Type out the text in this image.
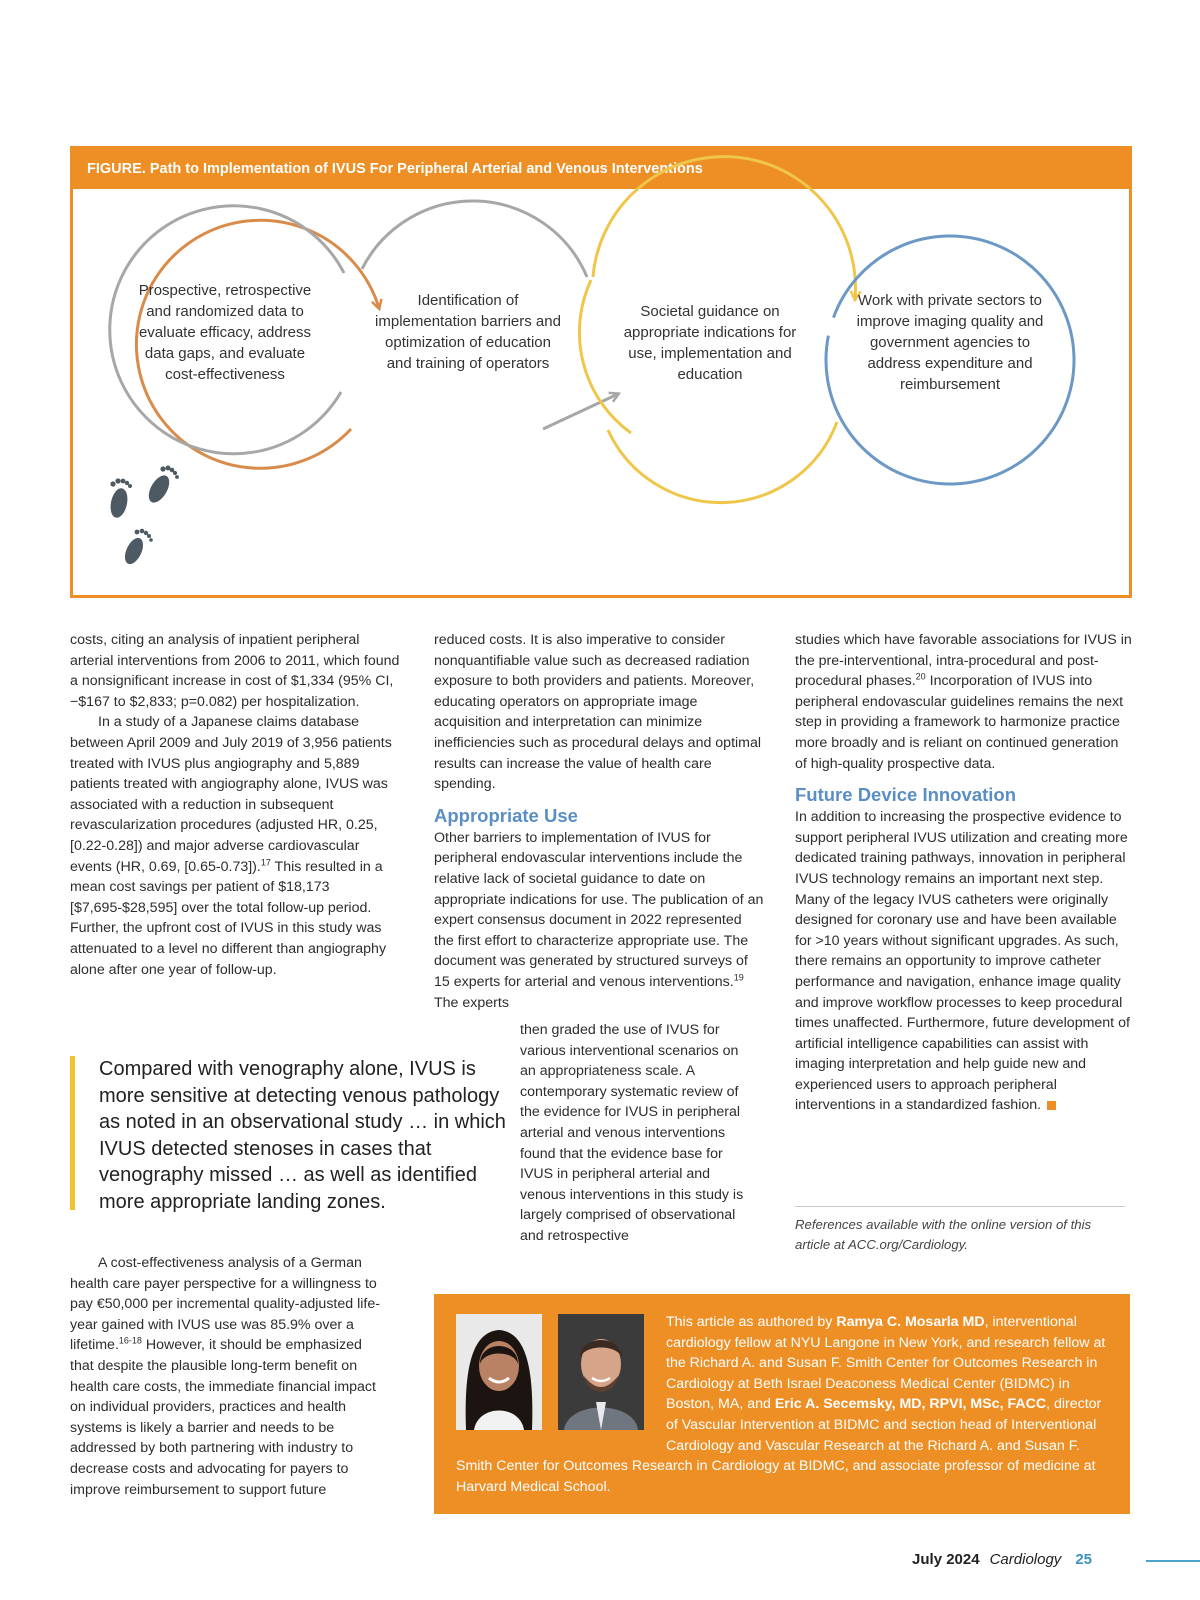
FIGURE. Path to Implementation of IVUS For Peripheral Arterial and Venous Interventions
Prospective, retrospective and randomized data to evaluate efficacy, address data gaps, and evaluate cost-effectiveness
Identification of implementation barriers and optimization of education and training of operators
Societal guidance on appropriate indications for use, implementation and education
Work with private sectors to improve imaging quality and government agencies to address expenditure and reimbursement

costs, citing an analysis of inpatient peripheral arterial interventions from 2006 to 2011, which found a nonsignificant increase in cost of $1,334 (95% CI, −$167 to $2,833; p=0.082) per hospitalization.

In a study of a Japanese claims database between April 2009 and July 2019 of 3,956 patients treated with IVUS plus angiography and 5,889 patients treated with angiography alone, IVUS was associated with a reduction in subsequent revascularization procedures (adjusted HR, 0.25, [0.22-0.28]) and major adverse cardiovascular events (HR, 0.69, [0.65-0.73]).$^{17}$ This resulted in a mean cost savings per patient of $18,173 [$7,695-$28,595] over the total follow-up period. Further, the upfront cost of IVUS in this study was attenuated to a level no different than angiography alone after one year of follow-up.

Compared with venography alone, IVUS is more sensitive at detecting venous pathology as noted in an observational study … in which IVUS detected stenoses in cases that venography missed … as well as identified more appropriate landing zones.

A cost-effectiveness analysis of a German health care payer perspective for a willingness to pay €50,000 per incremental quality-adjusted life-year gained with IVUS use was 85.9% over a lifetime.$^{16-18}$ However, it should be emphasized that despite the plausible long-term benefit on health care costs, the immediate financial impact on individual providers, practices and health systems is likely a barrier and needs to be addressed by both partnering with industry to decrease costs and advocating for payers to improve reimbursement to support future

reduced costs. It is also imperative to consider nonquantifiable value such as decreased radiation exposure to both providers and patients. Moreover, educating operators on appropriate image acquisition and interpretation can minimize inefficiencies such as procedural delays and optimal results can increase the value of health care spending.

Appropriate Use

Other barriers to implementation of IVUS for peripheral endovascular interventions include the relative lack of societal guidance to date on appropriate indications for use. The publication of an expert consensus document in 2022 represented the first effort to characterize appropriate use. The document was generated by structured surveys of 15 experts for arterial and venous interventions.$^{19}$ The experts

then graded the use of IVUS for various interventional scenarios on an appropriateness scale. A contemporary systematic review of the evidence for IVUS in peripheral arterial and venous interventions found that the evidence base for IVUS in peripheral arterial and venous interventions in this study is largely comprised of observational and retrospective

studies which have favorable associations for IVUS in the pre-interventional, intra-procedural and post-procedural phases.$^{20}$ Incorporation of IVUS into peripheral endovascular guidelines remains the next step in providing a framework to harmonize practice more broadly and is reliant on continued generation of high-quality prospective data.

Future Device Innovation

In addition to increasing the prospective evidence to support peripheral IVUS utilization and creating more dedicated training pathways, innovation in peripheral IVUS technology remains an important next step. Many of the legacy IVUS catheters were originally designed for coronary use and have been available for >10 years without significant upgrades. As such, there remains an opportunity to improve catheter performance and navigation, enhance image quality and improve workflow processes to keep procedural times unaffected. Furthermore, future development of artificial intelligence capabilities can assist with imaging interpretation and help guide new and experienced users to approach peripheral interventions in a standardized fashion.

References available with the online version of this article at ACC.org/Cardiology.
This article as authored by Ramya C. Mosarla MD, interventional cardiology fellow at NYU Langone in New York, and research fellow at the Richard A. and Susan F. Smith Center for Outcomes Research in Cardiology at Beth Israel Deaconess Medical Center (BIDMC) in Boston, MA, and Eric A. Secemsky, MD, RPVI, MSc, FACC, director of Vascular Intervention at BIDMC and section head of Interventional Cardiology and Vascular Research at the Richard A. and Susan F. Smith Center for Outcomes Research in Cardiology at BIDMC, and associate professor of medicine at Harvard Medical School.
July 2024 Cardiology 25
